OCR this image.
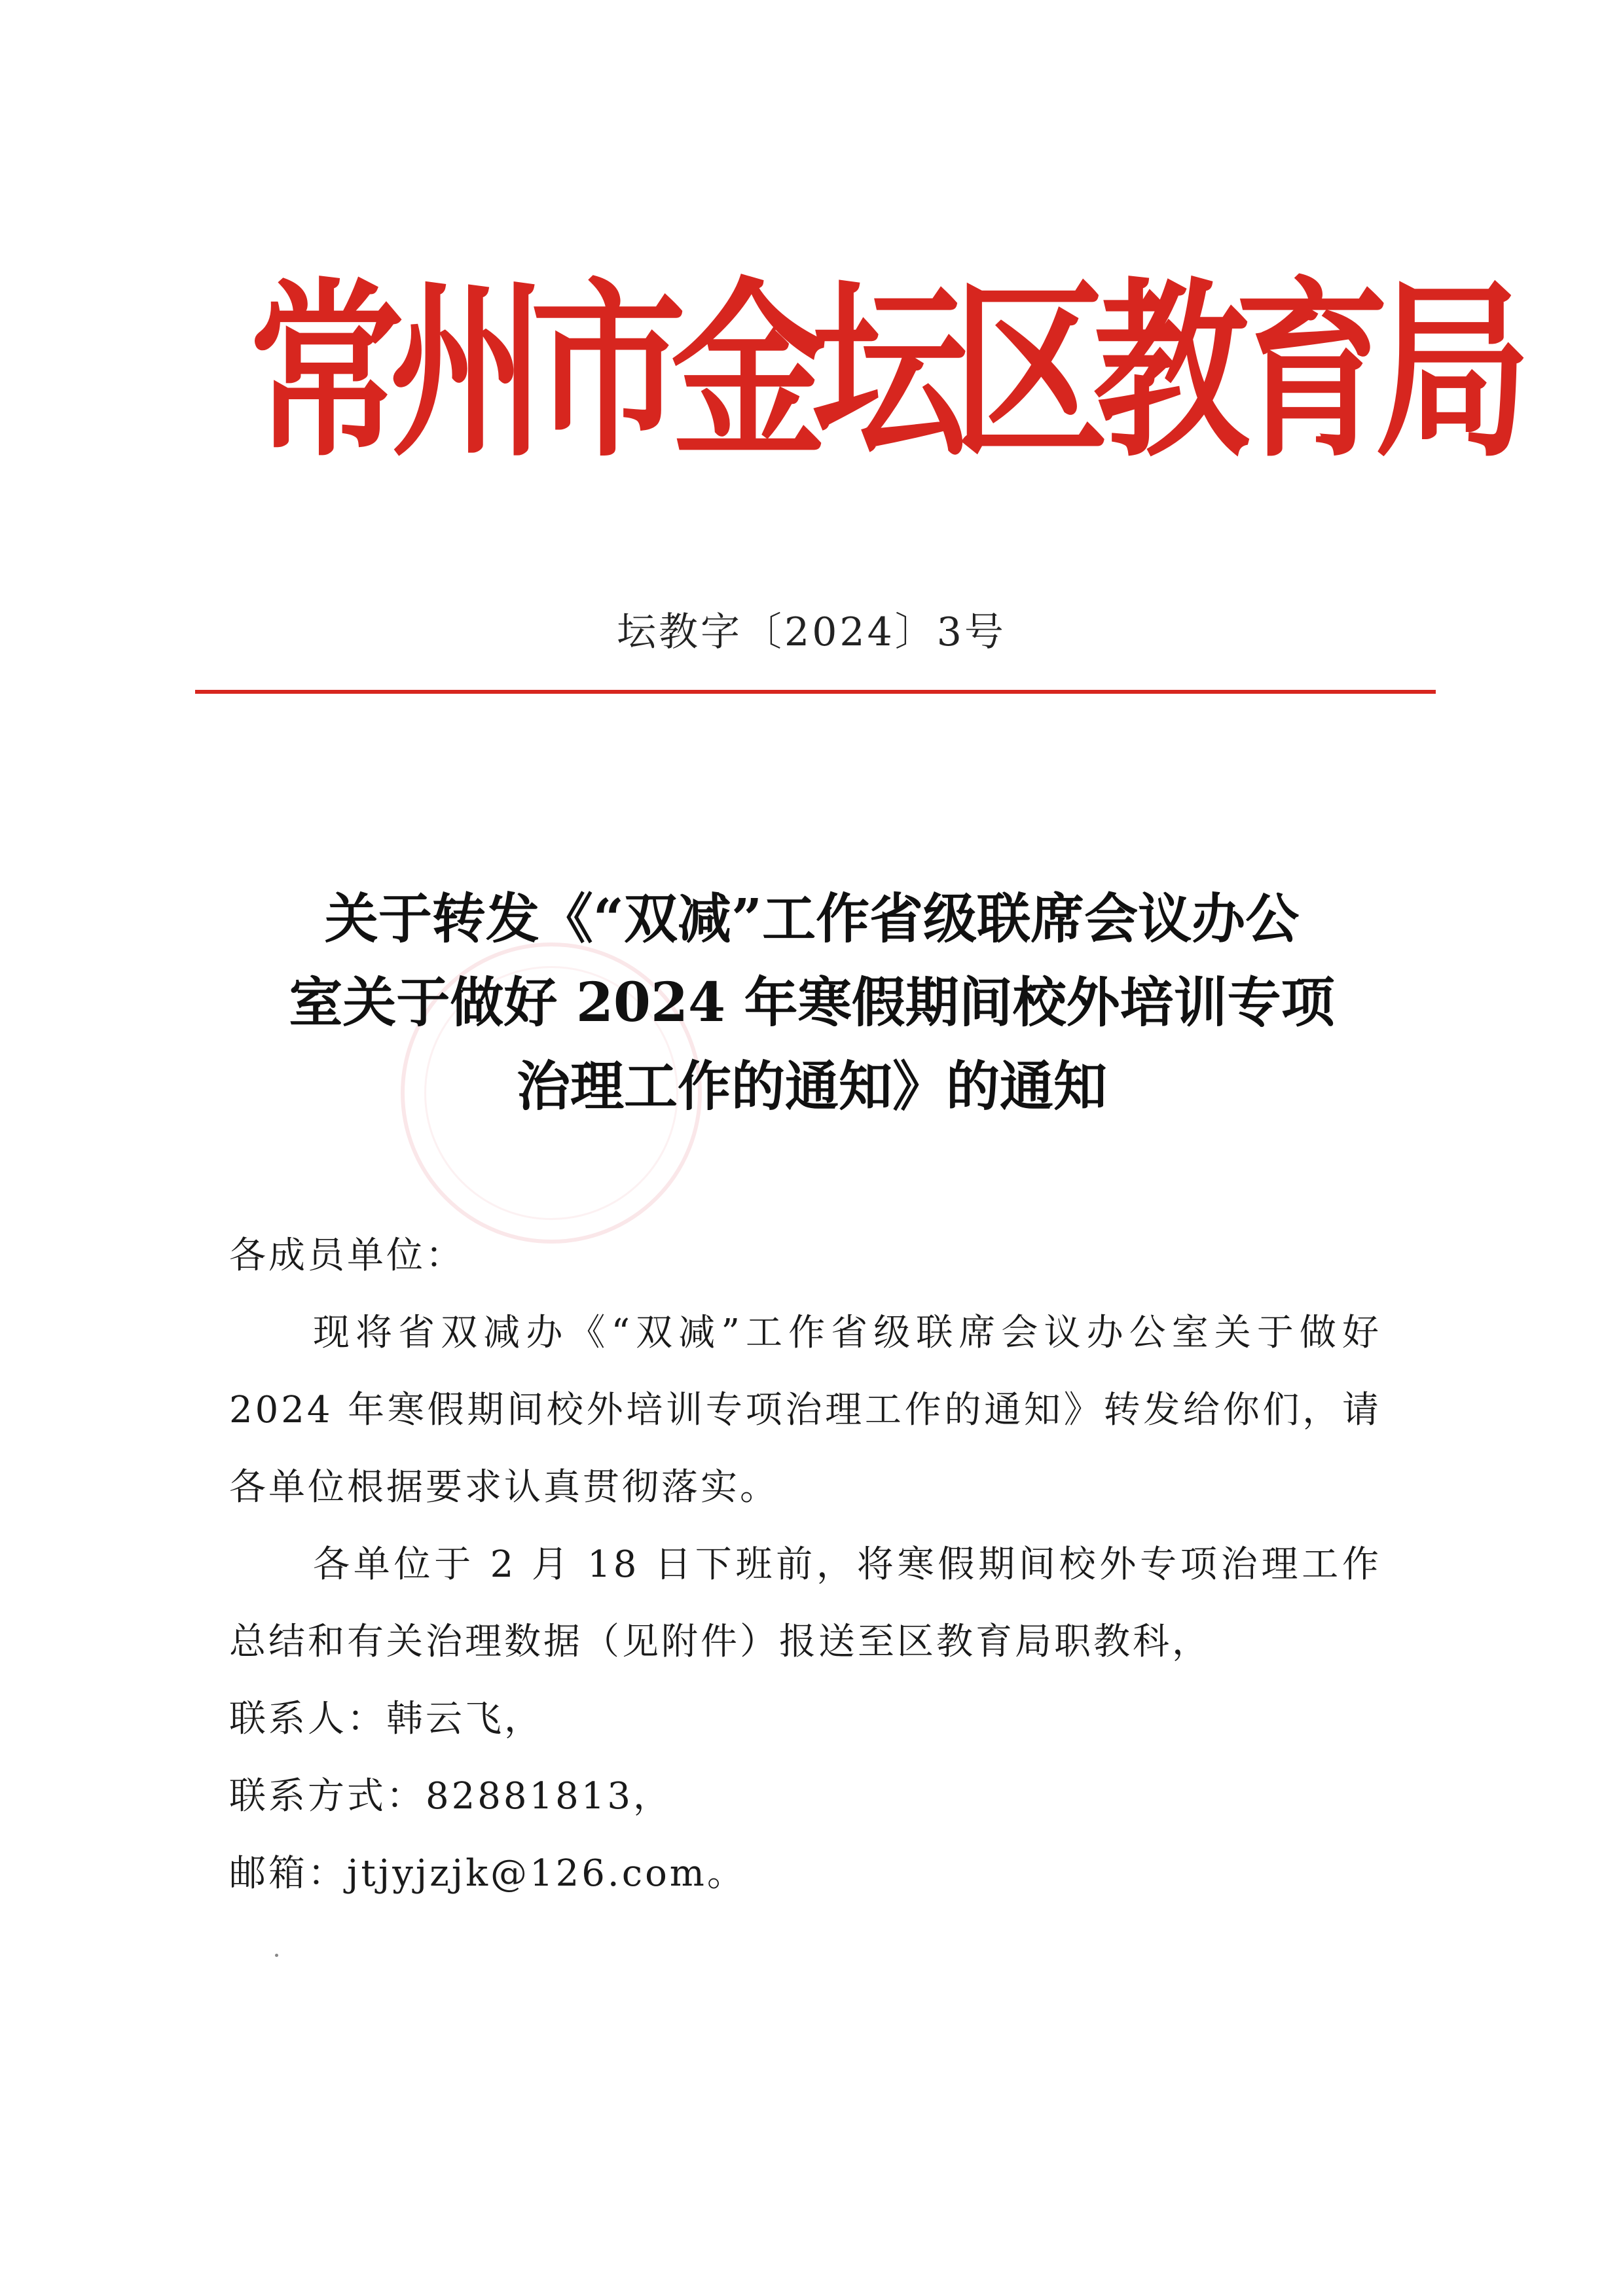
常
州
市
金
坛
区
教
育
局
坛教字〔2024〕3号
关于转发《“双减”工作省级联席会议办公
室关于做好 2024 年寒假期间校外培训专项
治理工作的通知》的通知

各成员单位：

现将省双减办《“双减”工作省级联席会议办公室关于做好 2024 年寒假期间校外培训专项治理工作的通知》转发给你们，请各单位根据要求认真贯彻落实。

各单位于 2 月 18 日下班前，将寒假期间校外专项治理工作总结和有关治理数据（见附件）报送至区教育局职教科，

联系人：韩云飞，

联系方式：82881813，

邮箱：jtjyjzjk@126.com。
